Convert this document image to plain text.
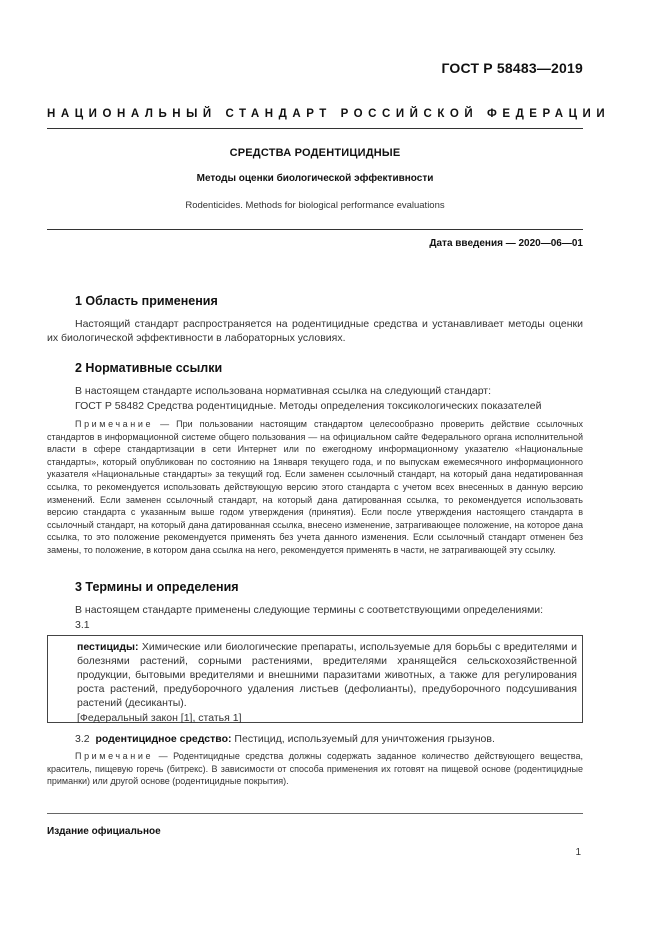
ГОСТ Р 58483—2019
НАЦИОНАЛЬНЫЙ СТАНДАРТ РОССИЙСКОЙ ФЕДЕРАЦИИ
СРЕДСТВА РОДЕНТИЦИДНЫЕ
Методы оценки биологической эффективности
Rodenticides. Methods for biological performance evaluations
Дата введения — 2020—06—01
1 Область применения
Настоящий стандарт распространяется на родентицидные средства и устанавливает методы оценки их биологической эффективности в лабораторных условиях.
2 Нормативные ссылки
В настоящем стандарте использована нормативная ссылка на следующий стандарт:
ГОСТ Р 58482 Средства родентицидные. Методы определения токсикологических показателей
Примечание — При пользовании настоящим стандартом целесообразно проверить действие ссылочных стандартов в информационной системе общего пользования — на официальном сайте Федерального органа исполнительной власти в сфере стандартизации в сети Интернет или по ежегодному информационному указателю «Национальные стандарты», который опубликован по состоянию на 1января текущего года, и по выпускам ежемесячного информационного указателя «Национальные стандарты» за текущий год. Если заменен ссылочный стандарт, на который дана недатированная ссылка, то рекомендуется использовать действующую версию этого стандарта с учетом всех внесенных в данную версию изменений. Если заменен ссылочный стандарт, на который дана датированная ссылка, то рекомендуется использовать версию стандарта с указанным выше годом утверждения (принятия). Если после утверждения настоящего стандарта в ссылочный стандарт, на который дана датированная ссылка, внесено изменение, затрагивающее положение, на которое дана ссылка, то это положение рекомендуется применять без учета данного изменения. Если ссылочный стандарт отменен без замены, то положение, в котором дана ссылка на него, рекомендуется применять в части, не затрагивающей эту ссылку.
3 Термины и определения
В настоящем стандарте применены следующие термины с соответствующими определениями:
3.1
пестициды: Химические или биологические препараты, используемые для борьбы с вредителями и болезнями растений, сорными растениями, вредителями хранящейся сельскохозяйственной продукции, бытовыми вредителями и внешними паразитами животных, а также для регулирования роста растений, предуборочного удаления листьев (дефолианты), предуборочного подсушивания растений (десиканты).
[Федеральный закон [1], статья 1]
3.2 родентицидное средство: Пестицид, используемый для уничтожения грызунов.
Примечание — Родентицидные средства должны содержать заданное количество действующего вещества, краситель, пищевую горечь (битрекс). В зависимости от способа применения их готовят на пищевой основе (родентицидные приманки) или другой основе (родентицидные покрытия).
Издание официальное
1
